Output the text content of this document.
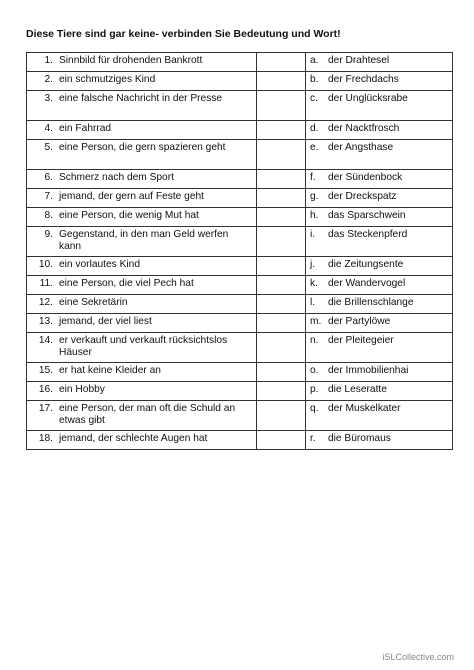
Diese Tiere sind gar keine- verbinden Sie Bedeutung und Wort!
1. Sinnbild für drohenden Bankrott		a. der Drahtesel

2. ein schmutziges Kind		b. der Frechdachs

3. eine falsche Nachricht in der Presse		c. der Unglücksrabe

4. ein Fahrrad		d. der Nacktfrosch

5. eine Person, die gern spazieren geht		e. der Angsthase

6. Schmerz nach dem Sport		f. der Sündenbock

7. jemand, der gern auf Feste geht		g. der Dreckspatz

8. eine Person, die wenig Mut hat		h. das Sparschwein

9. Gegenstand, in den man Geld werfen kann		i. das Steckenpferd

10. ein vorlautes Kind		j. die Zeitungsente

11. eine Person, die viel Pech hat		k. der Wandervogel

12. eine Sekretärin		l. die Brillenschlange

13. jemand, der viel liest		m. der Partylöwe

14. er verkauft und verkauft rücksichtslos Häuser		n. der Pleitegeier

15. er hat keine Kleider an		o. der Immobilienhai

16. ein Hobby		p. die Leseratte

17. eine Person, der man oft die Schuld an etwas gibt		q. der Muskelkater

18. jemand, der schlechte Augen hat		r. die Büromaus
iSLCollective.com
